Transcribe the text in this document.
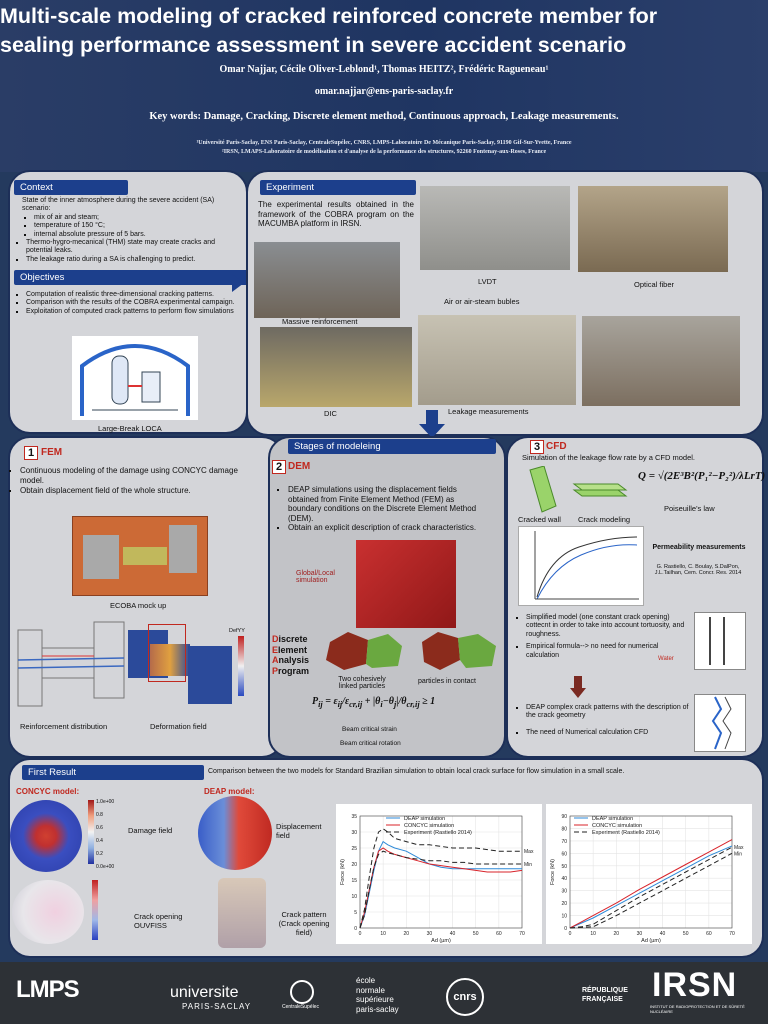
Multi-scale modeling of cracked reinforced concrete member for
sealing performance assessment in severe accident scenario
Omar Najjar, Cécile Oliver-Leblond¹, Thomas HEITZ², Frédéric Ragueneau¹
omar.najjar@ens-paris-saclay.fr
Key words: Damage, Cracking, Discrete element method, Continuous approach, Leakage measurements.
¹Université Paris-Saclay, ENS Paris-Saclay, CentraleSupélec, CNRS, LMPS-Laboratoire De Mécanique Paris-Saclay, 91190 Gif-Sur-Yvette, France
²IRSN, LMAPS-Laboratoire de modélisation et d'analyse de la performance des structures, 92260 Fontenay-aux-Roses, France
Context
State of the inner atmosphere during the severe accident (SA) scenario:
▪ mix of air and steam;
▪ temperature of 150 °C;
▪ internal absolute pressure of 5 bars.
▪ Thermo-hygro-mecanical (THM) state may create cracks and potential leaks.
▪ The leakage ratio during a SA is challenging to predict.
Objectives
▪ Computation of realistic three-dimensional cracking patterns.
▪ Comparison with the results of the COBRA experimental campaign.
▪ Exploitation of computed crack patterns to perform flow simulations
Large-Break LOCA
Experiment
The experimental results obtained in the framework of the COBRA program on the MACUMBA platform in IRSN.
Massive reinforcement
LVDT	Optical fiber
Air or air-steam bubles
DIC	Leakage measurements
1 FEM
▪ Continuous modeling of the damage using CONCYC damage model.
▪ Obtain displacement field of the whole structure.
ECOBA mock up
DefYY
Reinforcement distribution	Deformation field
Stages of modeleing
2 DEM
▪ DEAP simulations using the displacement fields obtained from Finite Element Method (FEM) as boundary conditions on the Discrete Element Method (DEM).
▪ Obtain an explicit description of crack characteristics.
Global/Local simulation
Discrete
Element
Analysis
Program
Two cohesively linked particles
particles in contact
$P_{ij} = \varepsilon_{ij}/\varepsilon_{cr,ij} + |\theta_i-\theta_j|/\theta_{cr,ij} \ge 1$
Beam critical strain
Beam critical rotation
3 CFD
Simulation of the leakage flow rate by a CFD model.
Q = √(2E³B²(P₁²−P₂²)/λLrT)
Poiseuille's law
Cracked wall Crack modeling
Permeability measurements
G. Rastiello, C. Boulay, S.DalPon, J.L.Tailhan, Cem. Concr. Res. 2014
▪ Simplified model (one constant crack opening) cottecnt in order to take into account tortuosity, and roughness.
▪ Empirical formula--> no need for numerical calculation
Water
▪ DEAP complex crack patterns with the description of the crack geometry
▪ The need of Numerical calculation CFD
First Result	Comparison between the two models for Standard Brazilian simulation to obtain local crack surface for flow simulation in a small scale.
CONCYC model:	DEAP model:
1.0e+00
0.8
0.6
0.4
0.2
0.0e+00
Damage field
Crack opening OUVFISS
Displacement field
Crack pattern (Crack opening field)	0
5
10
15
20
25
30
35
0	10	20	30	40	50	60	70
Ad (µm)
Force (kN)
DEAP simulation
CONCYC simulation
Experiment (Rastiello 2014)
Max
Min
0
10
20
30
40
50
60
70
80
90
0	10	20	30	40	50	60	70
Ad (µm)
Force (kN)
DEAP simulation
CONCYC simulation
Experiment (Rastiello 2014)
Max
Min
LMPS	universite
PARIS-SACLAY	CentraleSupélec
école
normale
supérieure
paris-saclay
cnrs
RÉPUBLIQUE
FRANÇAISE IRSN
INSTITUT DE RADIOPROTECTION ET DE SÛRETÉ NUCLÉAIRE
